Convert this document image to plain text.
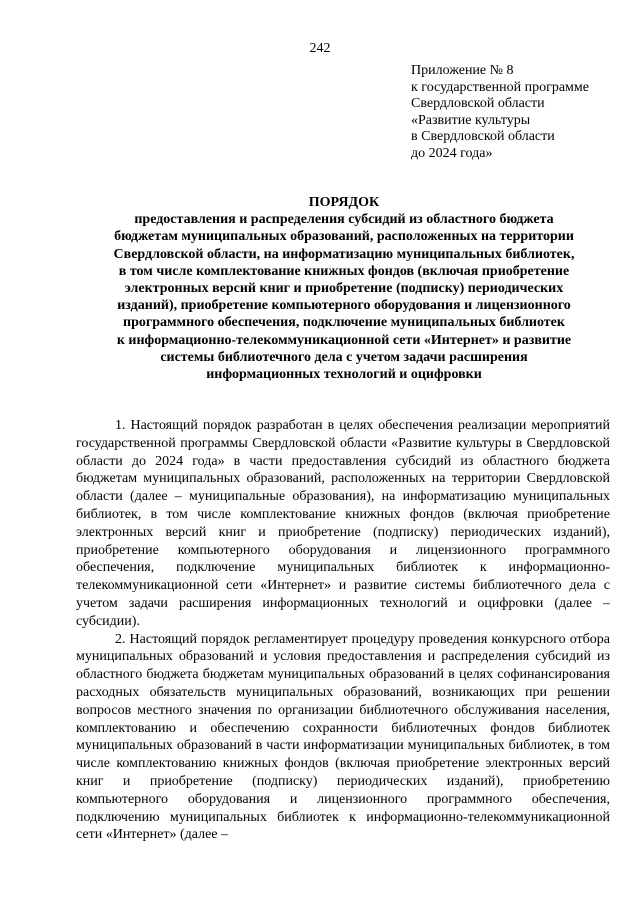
242
Приложение № 8
к государственной программе
Свердловской области
«Развитие культуры
в Свердловской области
до 2024 года»
ПОРЯДОК
предоставления и распределения субсидий из областного бюджета
бюджетам муниципальных образований, расположенных на территории
Свердловской области, на информатизацию муниципальных библиотек,
в том числе комплектование книжных фондов (включая приобретение
электронных версий книг и приобретение (подписку) периодических
изданий), приобретение компьютерного оборудования и лицензионного
программного обеспечения, подключение муниципальных библиотек
к информационно-телекоммуникационной сети «Интернет» и развитие
системы библиотечного дела с учетом задачи расширения
информационных технологий и оцифровки

1. Настоящий порядок разработан в целях обеспечения реализации мероприятий государственной программы Свердловской области «Развитие культуры в Свердловской области до 2024 года» в части предоставления субсидий из областного бюджета бюджетам муниципальных образований, расположенных на территории Свердловской области (далее – муниципальные образования), на информатизацию муниципальных библиотек, в том числе комплектование книжных фондов (включая приобретение электронных версий книг и приобретение (подписку) периодических изданий), приобретение компьютерного оборудования и лицензионного программного обеспечения, подключение муниципальных библиотек к информационно-телекоммуникационной сети «Интернет» и развитие системы библиотечного дела с учетом задачи расширения информационных технологий и оцифровки (далее – субсидии).

2. Настоящий порядок регламентирует процедуру проведения конкурсного отбора муниципальных образований и условия предоставления и распределения субсидий из областного бюджета бюджетам муниципальных образований в целях софинансирования расходных обязательств муниципальных образований, возникающих при решении вопросов местного значения по организации библиотечного обслуживания населения, комплектованию и обеспечению сохранности библиотечных фондов библиотек муниципальных образований в части информатизации муниципальных библиотек, в том числе комплектованию книжных фондов (включая приобретение электронных версий книг и приобретение (подписку) периодических изданий), приобретению компьютерного оборудования и лицензионного программного обеспечения, подключению муниципальных библиотек к информационно-телекоммуникационной сети «Интернет» (далее –
